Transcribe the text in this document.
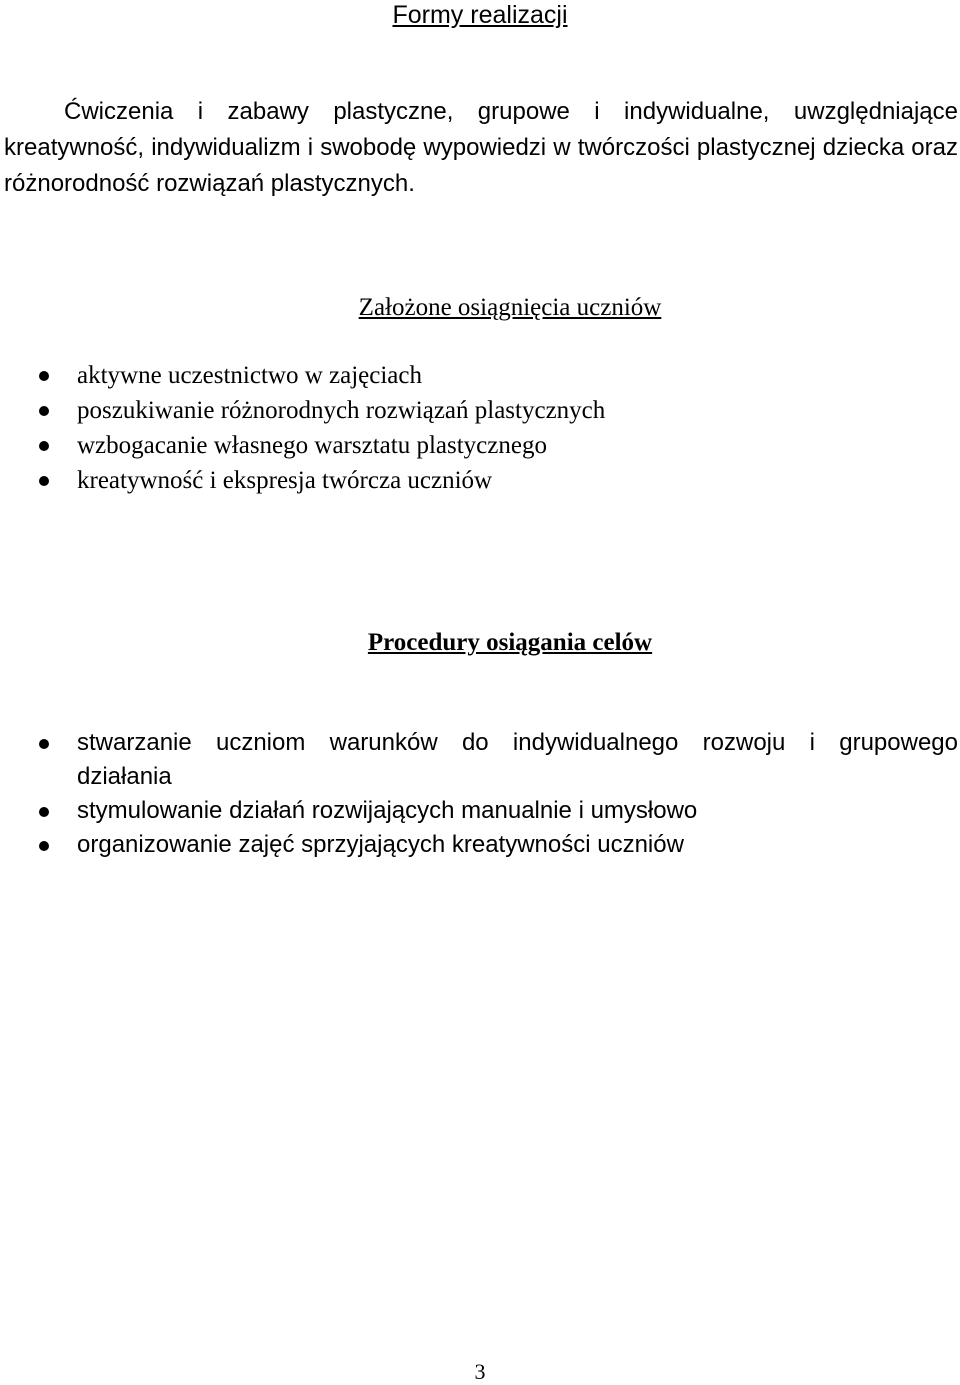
Formy realizacji

Ćwiczenia i zabawy plastyczne, grupowe i indywidualne, uwzględniające kreatywność, indywidualizm i swobodę wypowiedzi w twórczości plastycznej dziecka oraz różnorodność rozwiązań plastycznych.

Założone osiągnięcia uczniów
aktywne uczestnictwo w zajęciach
poszukiwanie różnorodnych rozwiązań plastycznych
wzbogacanie własnego warsztatu plastycznego
kreatywność i ekspresja twórcza uczniów
Procedury osiągania celów
stwarzanie uczniom warunków do indywidualnego rozwoju i grupowego
działania
stymulowanie działań rozwijających manualnie i umysłowo
organizowanie zajęć sprzyjających kreatywności uczniów
3
